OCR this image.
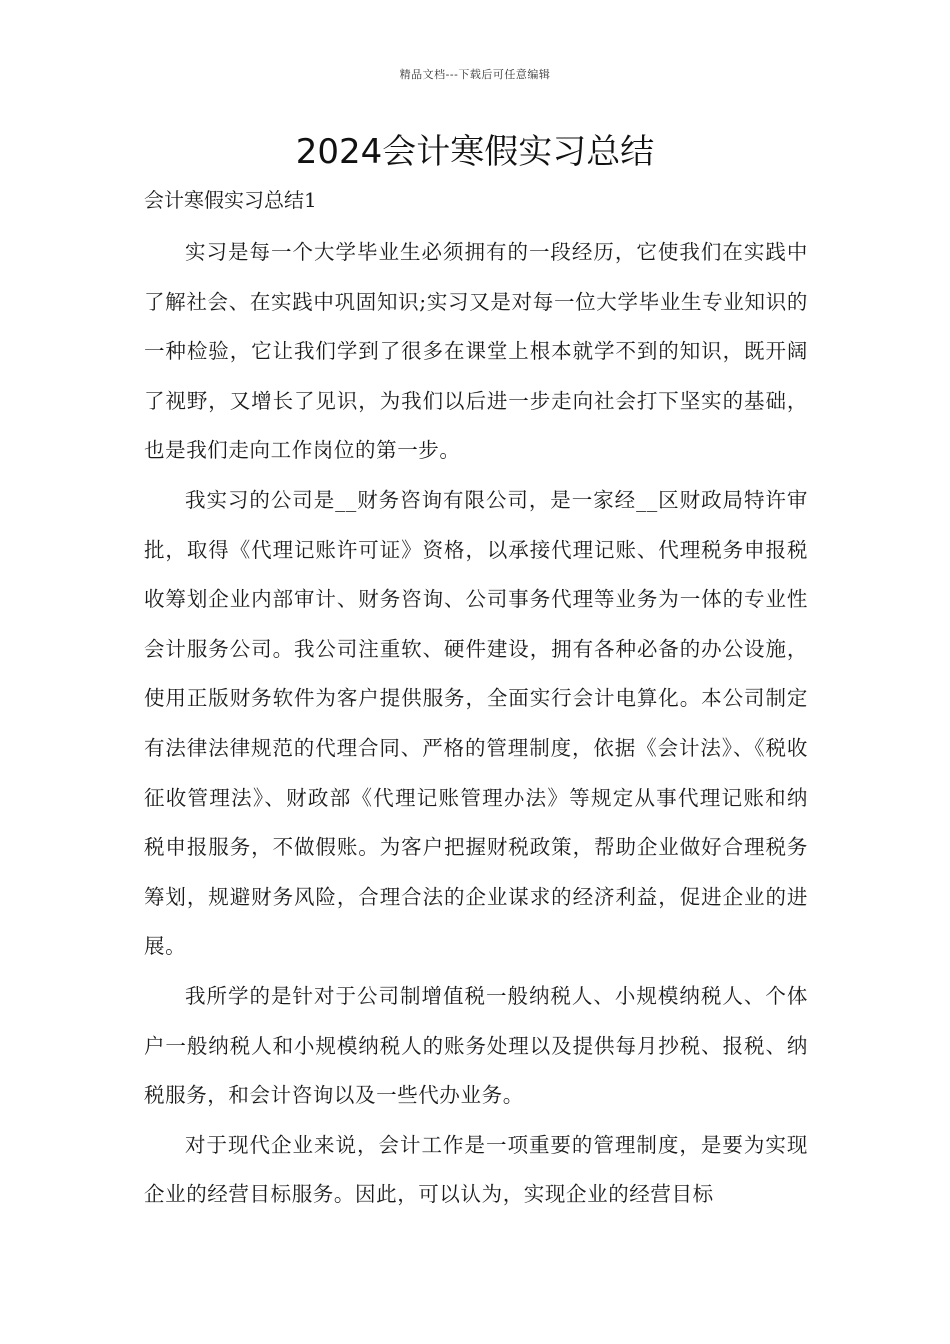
精品文档---下载后可任意编辑
2024会计寒假实习总结

会计寒假实习总结1

实习是每一个大学毕业生必须拥有的一段经历，它使我们在实践中了解社会、在实践中巩固知识;实习又是对每一位大学毕业生专业知识的一种检验，它让我们学到了很多在课堂上根本就学不到的知识，既开阔了视野，又增长了见识，为我们以后进一步走向社会打下坚实的基础，也是我们走向工作岗位的第一步。

我实习的公司是__财务咨询有限公司，是一家经__区财政局特许审批，取得《代理记账许可证》资格，以承接代理记账、代理税务申报税收筹划企业内部审计、财务咨询、公司事务代理等业务为一体的专业性会计服务公司。我公司注重软、硬件建设，拥有各种必备的办公设施，使用正版财务软件为客户提供服务，全面实行会计电算化。本公司制定有法律法律规范的代理合同、严格的管理制度，依据《会计法》、《税收征收管理法》、财政部《代理记账管理办法》等规定从事代理记账和纳税申报服务，不做假账。为客户把握财税政策，帮助企业做好合理税务筹划，规避财务风险，合理合法的企业谋求的经济利益，促进企业的进展。

我所学的是针对于公司制增值税一般纳税人、小规模纳税人、个体户一般纳税人和小规模纳税人的账务处理以及提供每月抄税、报税、纳税服务，和会计咨询以及一些代办业务。

对于现代企业来说，会计工作是一项重要的管理制度，是要为实现企业的经营目标服务。因此，可以认为，实现企业的经营目标
